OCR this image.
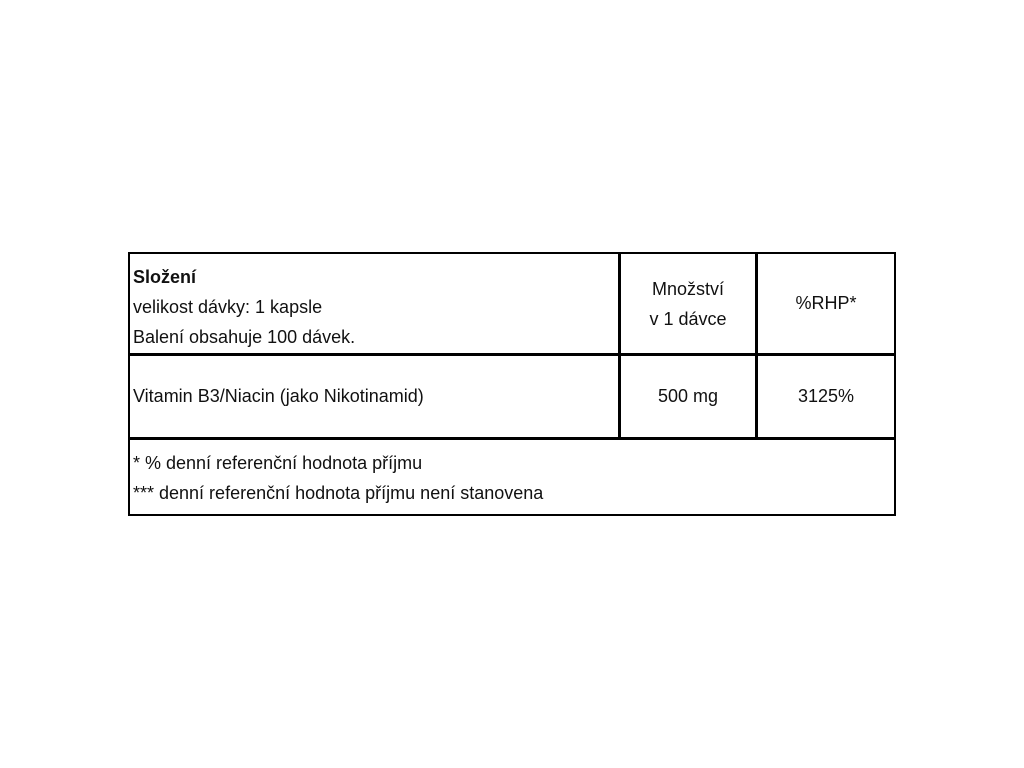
Složení
velikost dávky: 1 kapsle
Balení obsahuje 100 dávek.
Množství
v 1 dávce
%RHP*
Vitamin B3/Niacin (jako Nikotinamid)	500 mg	3125%
* % denní referenční hodnota příjmu
*** denní referenční hodnota příjmu není stanovena
